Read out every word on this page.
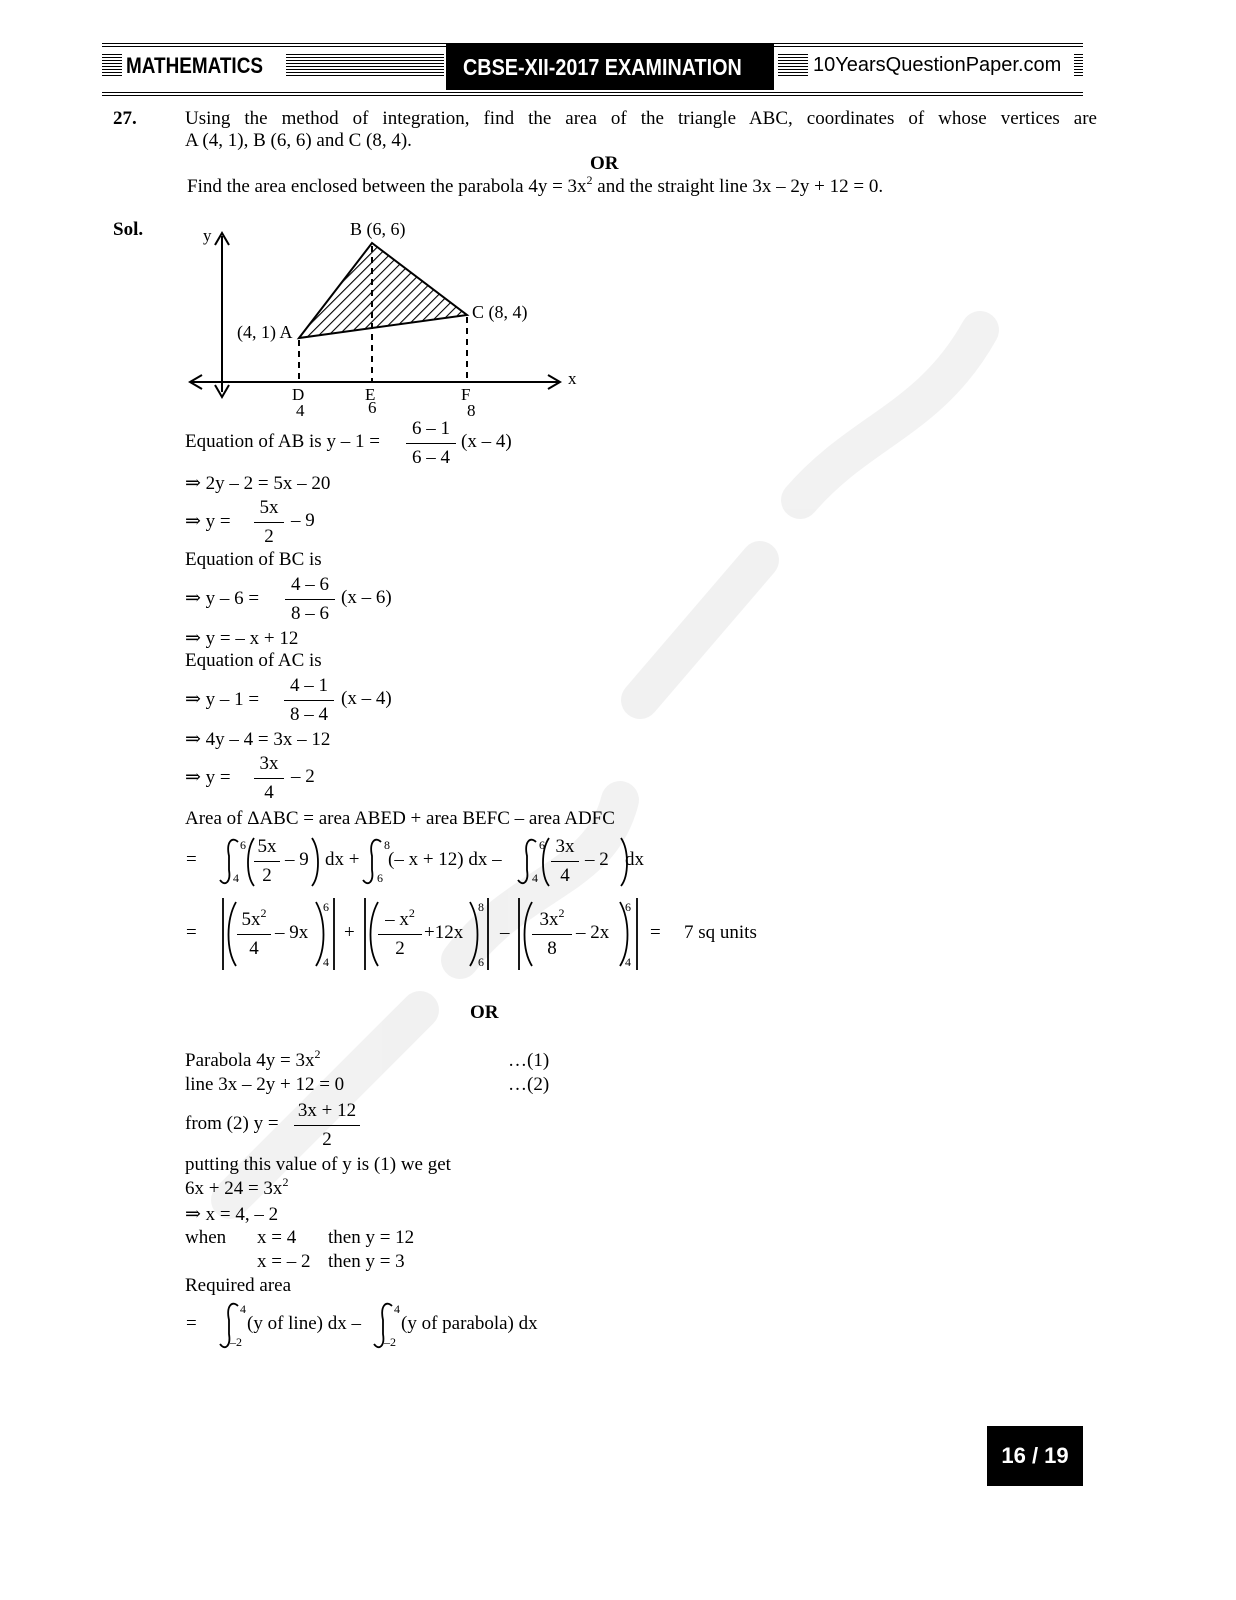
MATHEMATICS	CBSE-XII-2017 EXAMINATION	10YearsQuestionPaper.com
27.	Using the method of integration, find the area of the triangle ABC, coordinates of whose vertices are
A (4, 1), B (6, 6) and C (8, 4).
OR
Find the area enclosed between the parabola $4y = 3x^2$ and the straight line 3x – 2y + 12 = 0.
Sol.	y
x
B (6, 6)
C (8, 4)
(4, 1) A
D	E	F
4	6	8
Equation of AB is $y - 1 = \frac{6 - 1}{6 - 4} (x - 4)$
⇒ 2y – 2 = 5x – 20
⇒ $y = \frac{5x}{2} - 9$
Equation of BC is
⇒ $y - 6 = \frac{4 - 6}{8 - 6} (x - 6)$
⇒ y = – x + 12
Equation of AC is
⇒ $y - 1 = \frac{4 - 1}{8 - 4} (x - 4)$
⇒ 4y – 4 = 3x – 12
⇒ $y = \frac{3x}{4} - 2$
Area of ΔABC = area ABED + area BEFC – area ADFC
=
6
$4 \frac{5x}{2} - 9$ dx +
8
6
(– x + 12) dx –
6
$4 \frac{3x}{4} - 2$ dx
= $\frac{5x^2}{4} - 9x$
6
4
+ $\frac{- x^2}{2} +12x$
8
6
– $\frac{3x^2}{8} - 2x$
6
4
= 7 sq units
OR
Parabola $4y = 3x^2$	…(1)
line 3x – 2y + 12 = 0	…(2)
from (2) $y = \frac{3x + 12}{2}$
putting this value of y is (1) we get
$6x + 24 = 3x^2$
⇒ x = 4, – 2
when x = 4 then y = 12
x = – 2 then y = 3
Required area
=
4
–2
(y of line) dx –
4
–2
(y of parabola) dx
16 / 19
